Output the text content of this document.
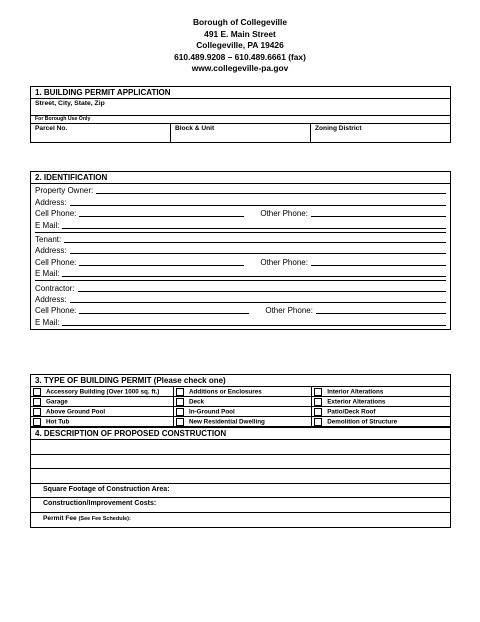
Borough of Collegeville
491 E. Main Street
Collegeville, PA 19426
610.489.9208 – 610.489.6661 (fax)
www.collegeville-pa.gov
1. BUILDING PERMIT APPLICATION
Street, City, State, Zip
For Borough Use Only
Parcel No.	Block & Unit	Zoning District
2. IDENTIFICATION
Property Owner:
Address:
Cell Phone:	Other Phone:
E Mail:
Tenant:
Address:
Cell Phone:	Other Phone:
E Mail:
Contractor:
Address:
Cell Phone:	Other Phone:
E Mail:
3. TYPE OF BUILDING PERMIT (Please check one)
Accessory Building (Over 1000 sq. ft.)	Additions or Enclosures	Interior Alterations
Garage	Deck	Exterior Alterations
Above Ground Pool	In-Ground Pool	Patio/Deck Roof
Hot Tub	New Residential Dwelling	Demolition of Structure
4. DESCRIPTION OF PROPOSED CONSTRUCTION
Square Footage of Construction Area:
Construction/Improvement Costs:
Permit Fee (See Fee Schedule):
